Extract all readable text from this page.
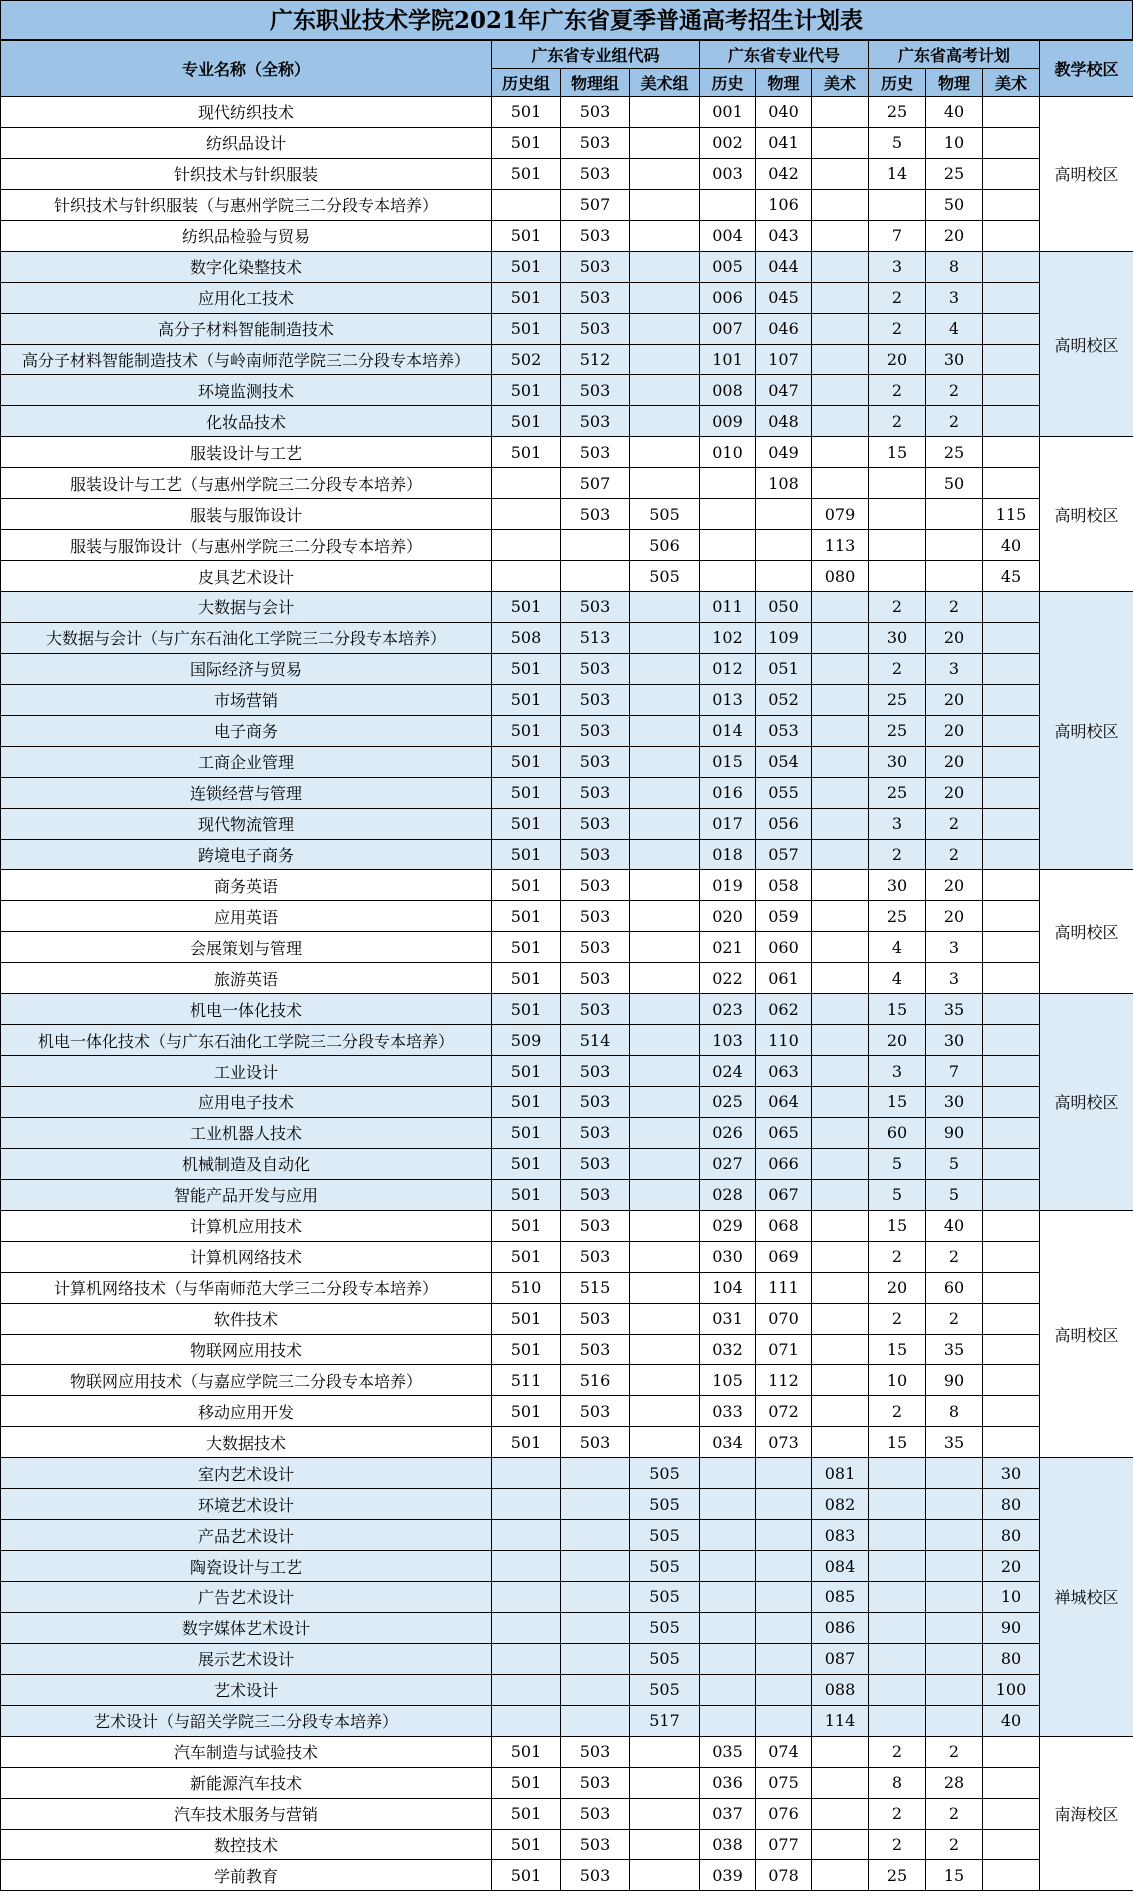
广东职业技术学院2021年广东省夏季普通高考招生计划表
专业名称（全称）	广东省专业组代码			广东省专业代号			广东省高考计划			教学校区
	历史组	物理组	美术组	历史	物理	美术	历史	物理	美术	
现代纺织技术	501	503		001	040		25	40		高明校区
纺织品设计	501	503		002	041		5	10		
针织技术与针织服装	501	503		003	042		14	25		
针织技术与针织服装（与惠州学院三二分段专本培养）		507			106			50		
纺织品检验与贸易	501	503		004	043		7	20		
数字化染整技术	501	503		005	044		3	8		高明校区
应用化工技术	501	503		006	045		2	3		
高分子材料智能制造技术	501	503		007	046		2	4		
高分子材料智能制造技术（与岭南师范学院三二分段专本培养）	502	512		101	107		20	30		
环境监测技术	501	503		008	047		2	2		
化妆品技术	501	503		009	048		2	2		
服装设计与工艺	501	503		010	049		15	25		高明校区
服装设计与工艺（与惠州学院三二分段专本培养）		507			108			50		
服装与服饰设计		503	505			079			115	
服装与服饰设计（与惠州学院三二分段专本培养）			506			113			40	
皮具艺术设计			505			080			45	
大数据与会计	501	503		011	050		2	2		高明校区
大数据与会计（与广东石油化工学院三二分段专本培养）	508	513		102	109		30	20		
国际经济与贸易	501	503		012	051		2	3		
市场营销	501	503		013	052		25	20		
电子商务	501	503		014	053		25	20		
工商企业管理	501	503		015	054		30	20		
连锁经营与管理	501	503		016	055		25	20		
现代物流管理	501	503		017	056		3	2		
跨境电子商务	501	503		018	057		2	2		
商务英语	501	503		019	058		30	20		高明校区
应用英语	501	503		020	059		25	20		
会展策划与管理	501	503		021	060		4	3		
旅游英语	501	503		022	061		4	3		
机电一体化技术	501	503		023	062		15	35		高明校区
机电一体化技术（与广东石油化工学院三二分段专本培养）	509	514		103	110		20	30		
工业设计	501	503		024	063		3	7		
应用电子技术	501	503		025	064		15	30		
工业机器人技术	501	503		026	065		60	90		
机械制造及自动化	501	503		027	066		5	5		
智能产品开发与应用	501	503		028	067		5	5		
计算机应用技术	501	503		029	068		15	40		高明校区
计算机网络技术	501	503		030	069		2	2		
计算机网络技术（与华南师范大学三二分段专本培养）	510	515		104	111		20	60		
软件技术	501	503		031	070		2	2		
物联网应用技术	501	503		032	071		15	35		
物联网应用技术（与嘉应学院三二分段专本培养）	511	516		105	112		10	90		
移动应用开发	501	503		033	072		2	8		
大数据技术	501	503		034	073		15	35		
室内艺术设计			505			081			30	禅城校区
环境艺术设计			505			082			80	
产品艺术设计			505			083			80	
陶瓷设计与工艺			505			084			20	
广告艺术设计			505			085			10	
数字媒体艺术设计			505			086			90	
展示艺术设计			505			087			80	
艺术设计			505			088			100	
艺术设计（与韶关学院三二分段专本培养）			517			114			40	
汽车制造与试验技术	501	503		035	074		2	2		南海校区
新能源汽车技术	501	503		036	075		8	28		
汽车技术服务与营销	501	503		037	076		2	2		
数控技术	501	503		038	077		2	2		
学前教育	501	503		039	078		25	15		
